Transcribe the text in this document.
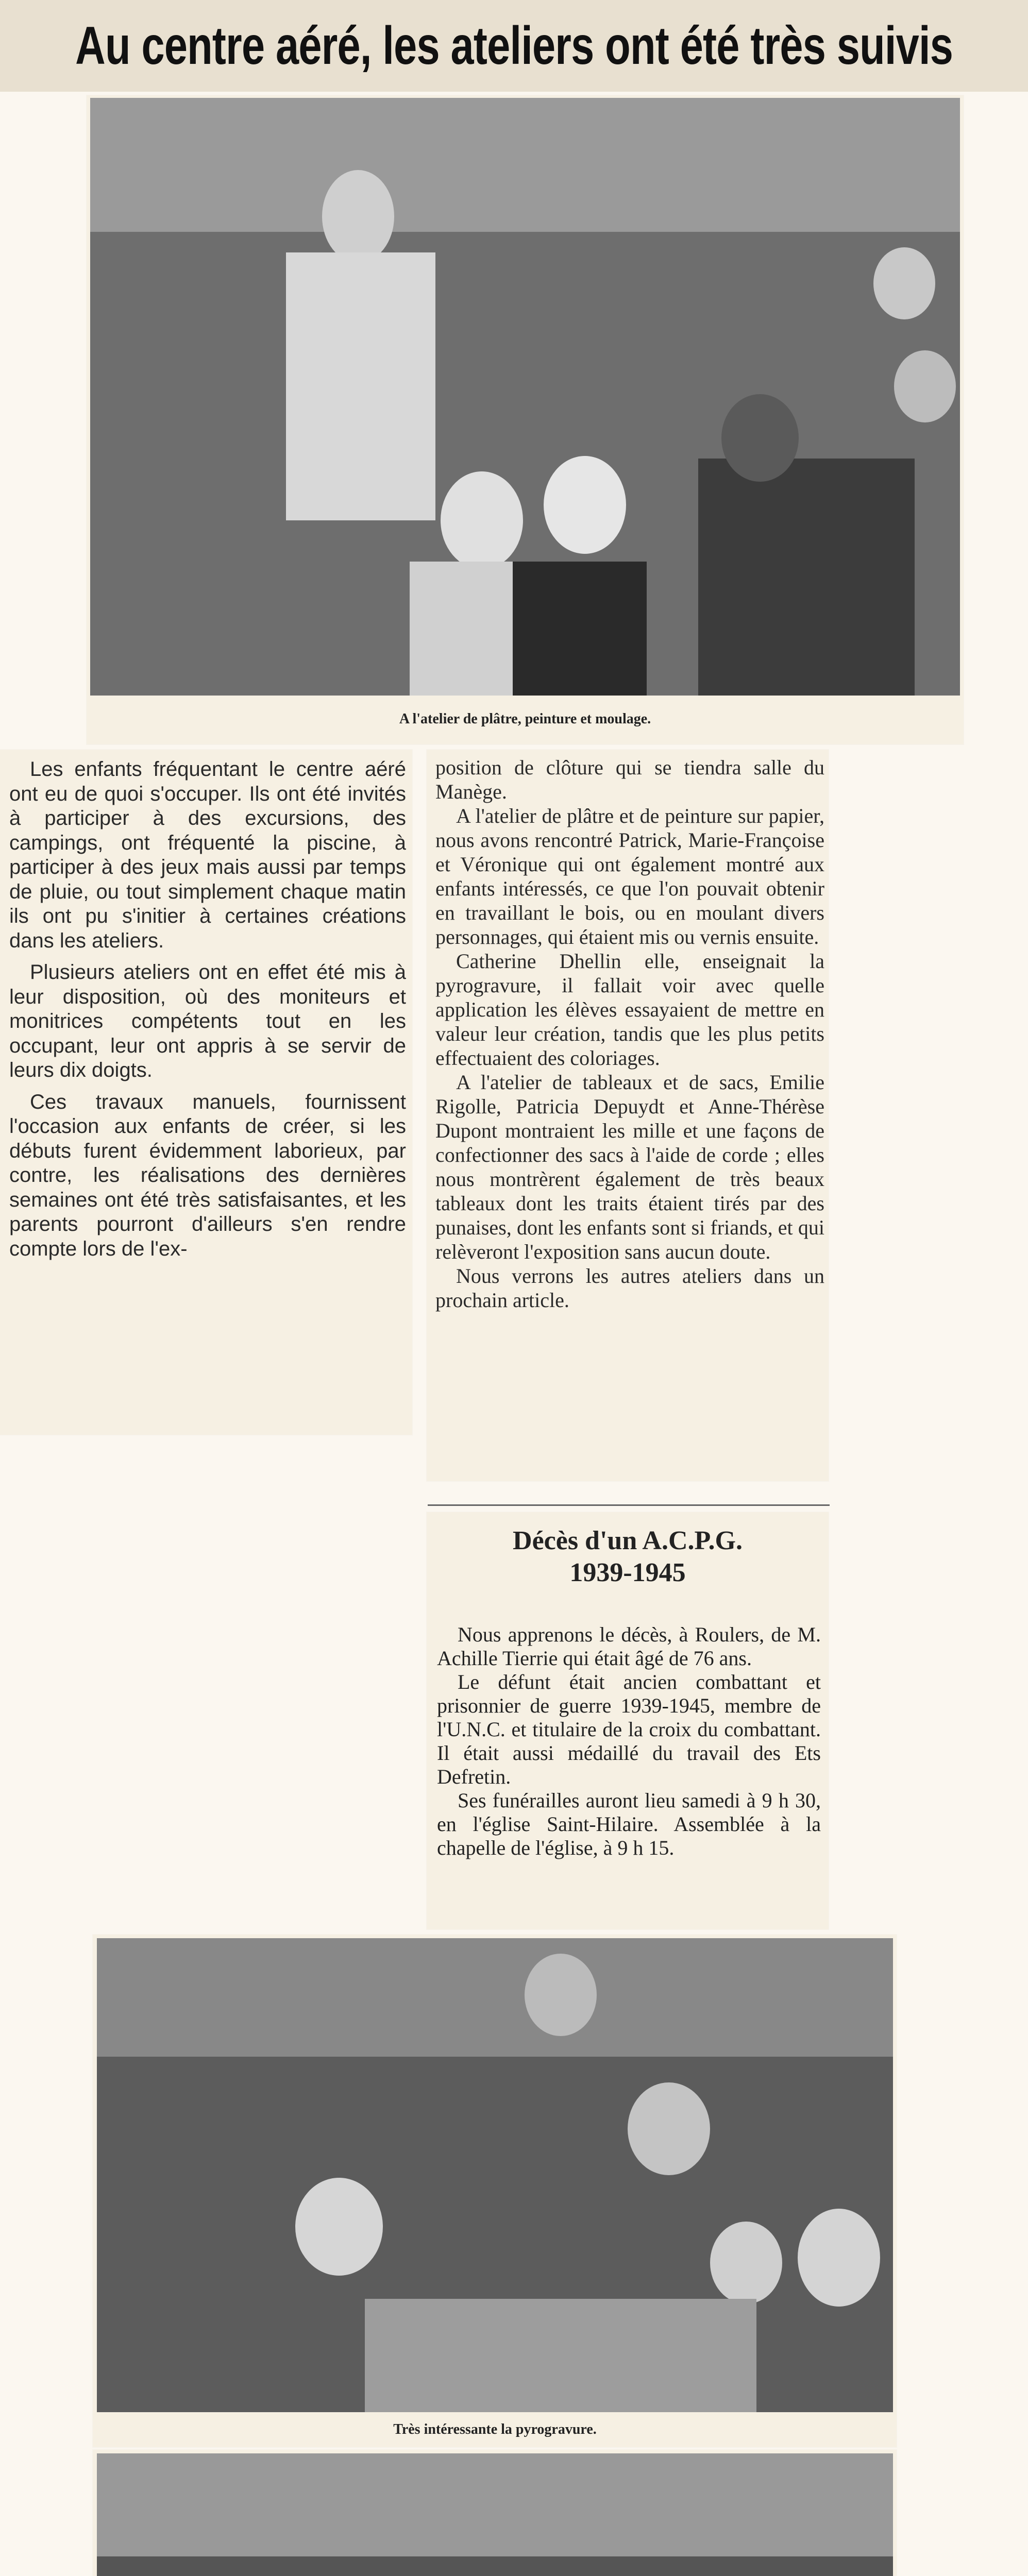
Au centre aéré, les ateliers ont été très suivis
A l'atelier de plâtre, peinture et moulage.
Les enfants fréquentant le centre aéré ont eu de quoi s'occuper. Ils ont été invités à participer à des excursions, des campings, ont fréquenté la piscine, à participer à des jeux mais aussi par temps de pluie, ou tout simplement chaque matin ils ont pu s'initier à certaines créations dans les ateliers.
Plusieurs ateliers ont en effet été mis à leur disposition, où des moniteurs et monitrices compétents tout en les occupant, leur ont appris à se servir de leurs dix doigts.
Ces travaux manuels, fournissent l'occasion aux enfants de créer, si les débuts furent évidemment laborieux, par contre, les réalisations des dernières semaines ont été très satisfaisantes, et les parents pourront d'ailleurs s'en rendre compte lors de l'ex-
position de clôture qui se tiendra salle du Manège.
A l'atelier de plâtre et de peinture sur papier, nous avons rencontré Patrick, Marie-Françoise et Véronique qui ont également montré aux enfants intéressés, ce que l'on pouvait obtenir en travaillant le bois, ou en moulant divers personnages, qui étaient mis ou vernis ensuite.
Catherine Dhellin elle, enseignait la pyrogravure, il fallait voir avec quelle application les élèves essayaient de mettre en valeur leur création, tandis que les plus petits effectuaient des coloriages.
A l'atelier de tableaux et de sacs, Emilie Rigolle, Patricia Depuydt et Anne-Thérèse Dupont montraient les mille et une façons de confectionner des sacs à l'aide de corde ; elles nous montrèrent également de très beaux tableaux dont les traits étaient tirés par des punaises, dont les enfants sont si friands, et qui relèveront l'exposition sans aucun doute.
Nous verrons les autres ateliers dans un prochain article.
Décès d'un A.C.P.G.
1939-1945
Nous apprenons le décès, à Roulers, de M. Achille Tierrie qui était âgé de 76 ans.
Le défunt était ancien combattant et prisonnier de guerre 1939-1945, membre de l'U.N.C. et titulaire de la croix du combattant. Il était aussi médaillé du travail des Ets Defretin.
Ses funérailles auront lieu samedi à 9 h 30, en l'église Saint-Hilaire. Assemblée à la chapelle de l'église, à 9 h 15.
Très intéressante la pyrogravure.
